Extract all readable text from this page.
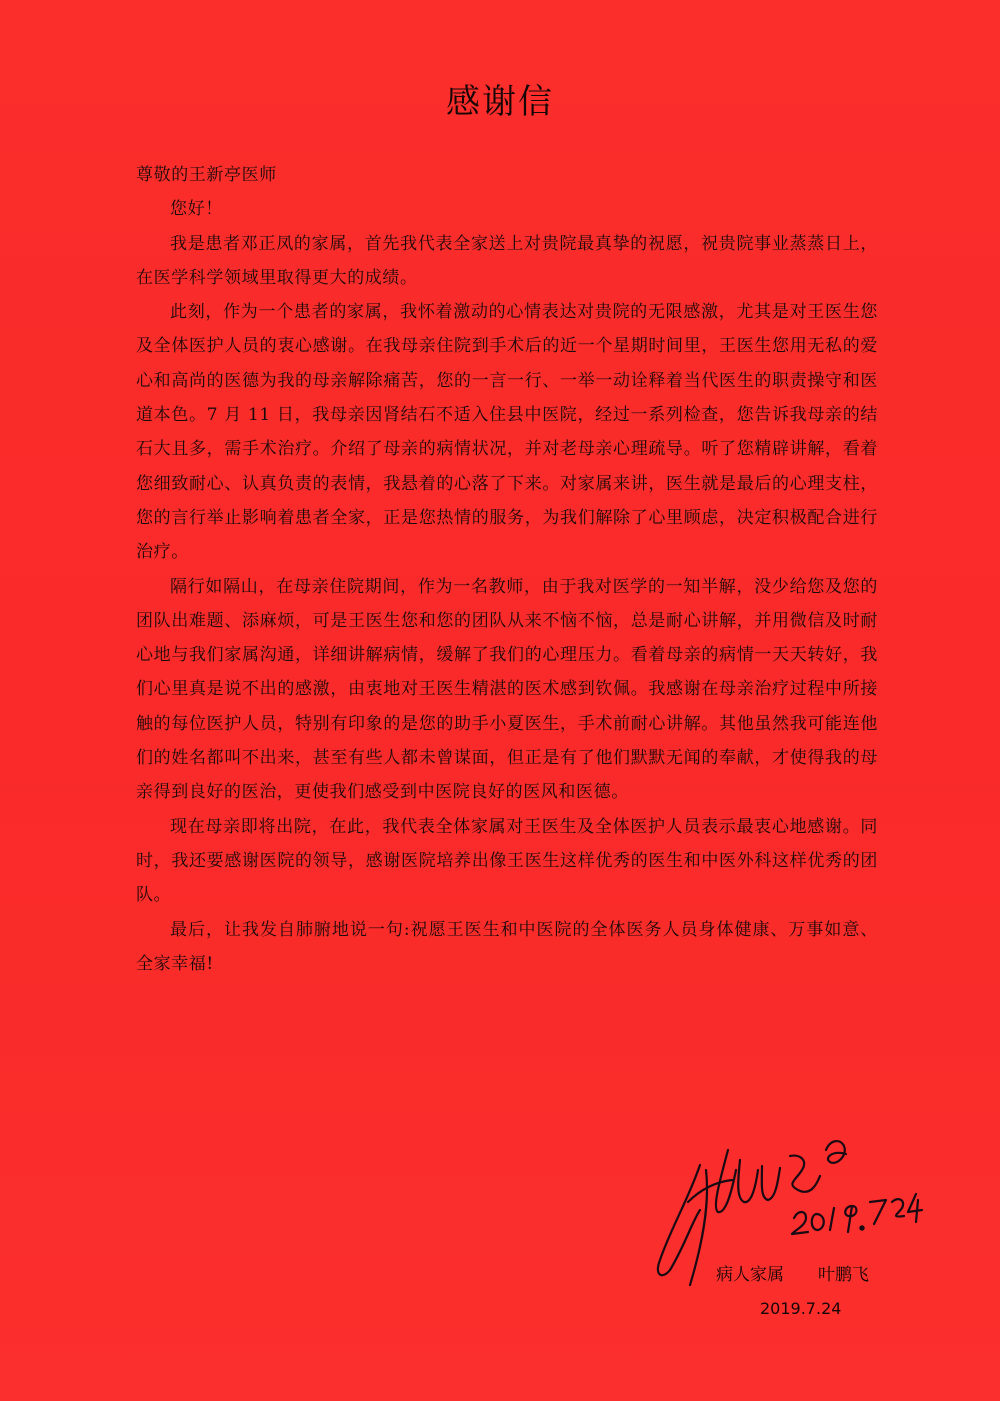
感谢信

尊敬的王新亭医师

您好！

我是患者邓正凤的家属，首先我代表全家送上对贵院最真挚的祝愿，祝贵院事业蒸蒸日上，在医学科学领域里取得更大的成绩。

此刻，作为一个患者的家属，我怀着激动的心情表达对贵院的无限感激，尤其是对王医生您及全体医护人员的衷心感谢。在我母亲住院到手术后的近一个星期时间里，王医生您用无私的爱心和高尚的医德为我的母亲解除痛苦，您的一言一行、一举一动诠释着当代医生的职责操守和医道本色。7 月 11 日，我母亲因肾结石不适入住县中医院，经过一系列检查，您告诉我母亲的结石大且多，需手术治疗。介绍了母亲的病情状况，并对老母亲心理疏导。听了您精辟讲解，看着您细致耐心、认真负责的表情，我悬着的心落了下来。对家属来讲，医生就是最后的心理支柱，您的言行举止影响着患者全家，正是您热情的服务，为我们解除了心里顾虑，决定积极配合进行治疗。

隔行如隔山，在母亲住院期间，作为一名教师，由于我对医学的一知半解，没少给您及您的团队出难题、添麻烦，可是王医生您和您的团队从来不恼不恼，总是耐心讲解，并用微信及时耐心地与我们家属沟通，详细讲解病情，缓解了我们的心理压力。看着母亲的病情一天天转好，我们心里真是说不出的感激，由衷地对王医生精湛的医术感到钦佩。我感谢在母亲治疗过程中所接触的每位医护人员，特别有印象的是您的助手小夏医生，手术前耐心讲解。其他虽然我可能连他们的姓名都叫不出来，甚至有些人都未曾谋面，但正是有了他们默默无闻的奉献，才使得我的母亲得到良好的医治，更使我们感受到中医院良好的医风和医德。

现在母亲即将出院，在此，我代表全体家属对王医生及全体医护人员表示最衷心地感谢。同时，我还要感谢医院的领导，感谢医院培养出像王医生这样优秀的医生和中医外科这样优秀的团队。

最后，让我发自肺腑地说一句:祝愿王医生和中医院的全体医务人员身体健康、万事如意、全家幸福!

病人家属 叶鹏飞
2019.7.24
